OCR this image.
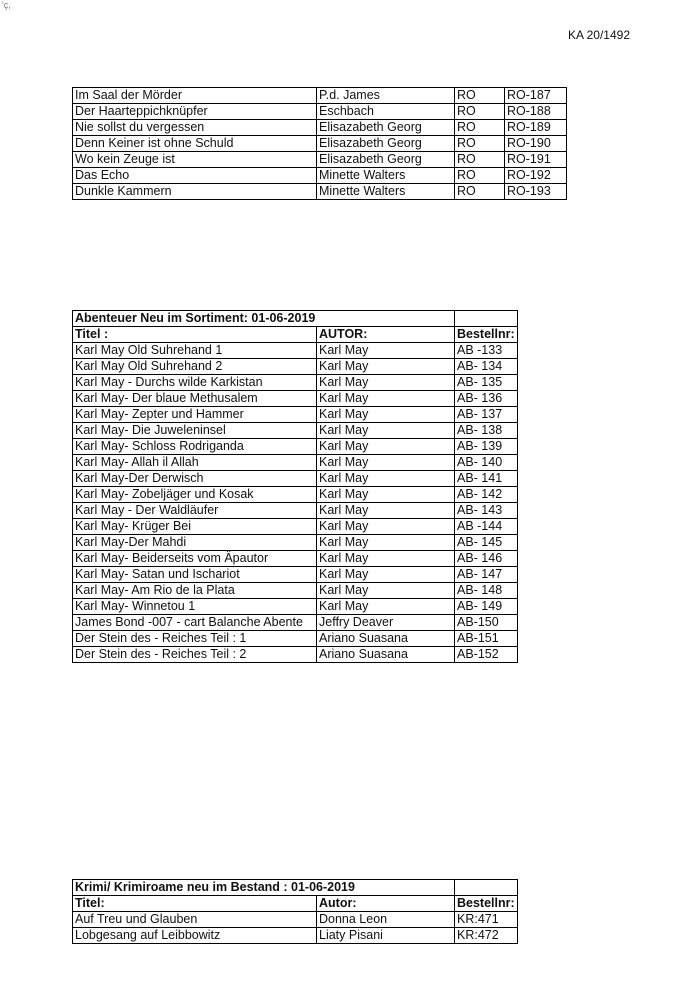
'ç,
KA 20/1492
Im Saal der Mörder	P.d. James	RO	RO-187
Der Haarteppichknüpfer	Eschbach	RO	RO-188
Nie sollst du vergessen	Elisazabeth Georg	RO	RO-189
Denn Keiner ist ohne Schuld	Elisazabeth Georg	RO	RO-190
Wo kein Zeuge ist	Elisazabeth Georg	RO	RO-191
Das Echo	Minette Walters	RO	RO-192
Dunkle Kammern	Minette Walters	RO	RO-193
Abenteuer Neu im Sortiment: 01-06-2019		
Titel :	AUTOR:	Bestellnr:
Karl May Old Suhrehand 1	Karl May	AB -133
Karl May Old Suhrehand 2	Karl May	AB- 134
Karl May - Durchs wilde Karkistan	Karl May	AB- 135
Karl May- Der blaue Methusalem	Karl May	AB- 136
Karl May- Zepter und Hammer	Karl May	AB- 137
Karl May- Die Juweleninsel	Karl May	AB- 138
Karl May- Schloss Rodriganda	Karl May	AB- 139
Karl May- Allah il Allah	Karl May	AB- 140
Karl May-Der Derwisch	Karl May	AB- 141
Karl May- Zobeljäger und Kosak	Karl May	AB- 142
Karl May - Der Waldläufer	Karl May	AB- 143
Karl May- Krüger Bei	Karl May	AB -144
Karl May-Der Mahdi	Karl May	AB- 145
Karl May- Beiderseits vom Äpautor	Karl May	AB- 146
Karl May- Satan und Ischariot	Karl May	AB- 147
Karl May- Am Rio de la Plata	Karl May	AB- 148
Karl May- Winnetou 1	Karl May	AB- 149
James Bond -007 - cart Balanche Abente	Jeffry Deaver	AB-150
Der Stein des - Reiches Teil : 1	Ariano Suasana	AB-151
Der Stein des - Reiches Teil : 2	Ariano Suasana	AB-152
Krimi/ Krimiroame neu im Bestand : 01-06-2019		
Titel:	Autor:	Bestellnr:
Auf Treu und Glauben	Donna Leon	KR:471
Lobgesang auf Leibbowitz	Liaty Pisani	KR:472
